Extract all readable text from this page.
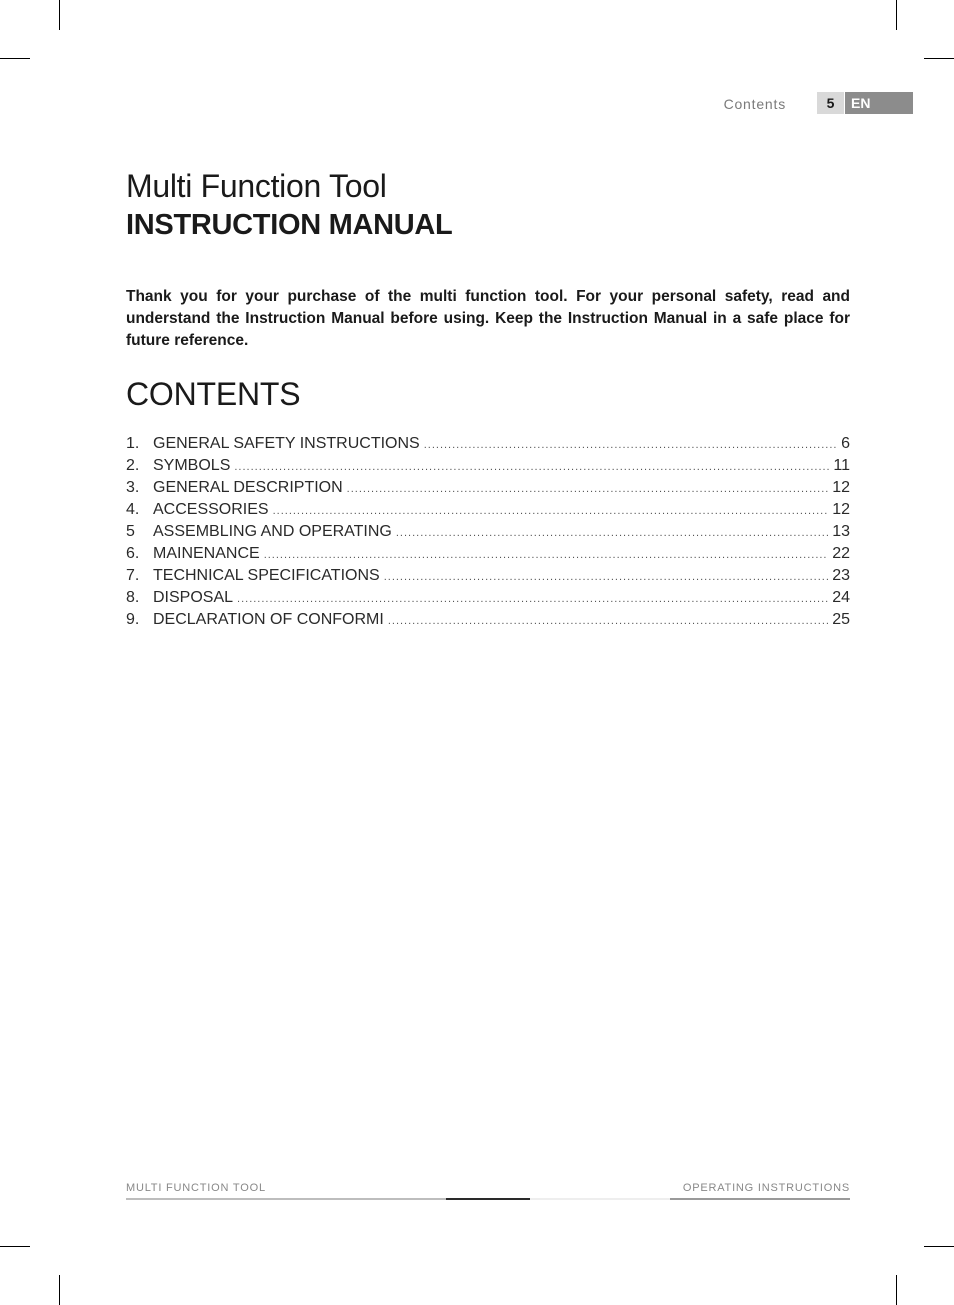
Contents	5	EN
Multi Function Tool
INSTRUCTION MANUAL

Thank you for your purchase of the multi function tool. For your personal safety, read and understand the Instruction Manual before using. Keep the Instruction Manual in a safe place for future reference.

CONTENTS
1. GENERAL SAFETY INSTRUCTIONS .....	6
2. SYMBOLS .....	11
3. GENERAL DESCRIPTION .....	12
4. ACCESSORIES .....	12
5	ASSEMBLING AND OPERATING .....	13
6. MAINENANCE .....	22
7. TECHNICAL SPECIFICATIONS .....	23
8. DISPOSAL .....	24
9. DECLARATION OF CONFORMI .....	25
MULTI FUNCTION TOOL	OPERATING INSTRUCTIONS
